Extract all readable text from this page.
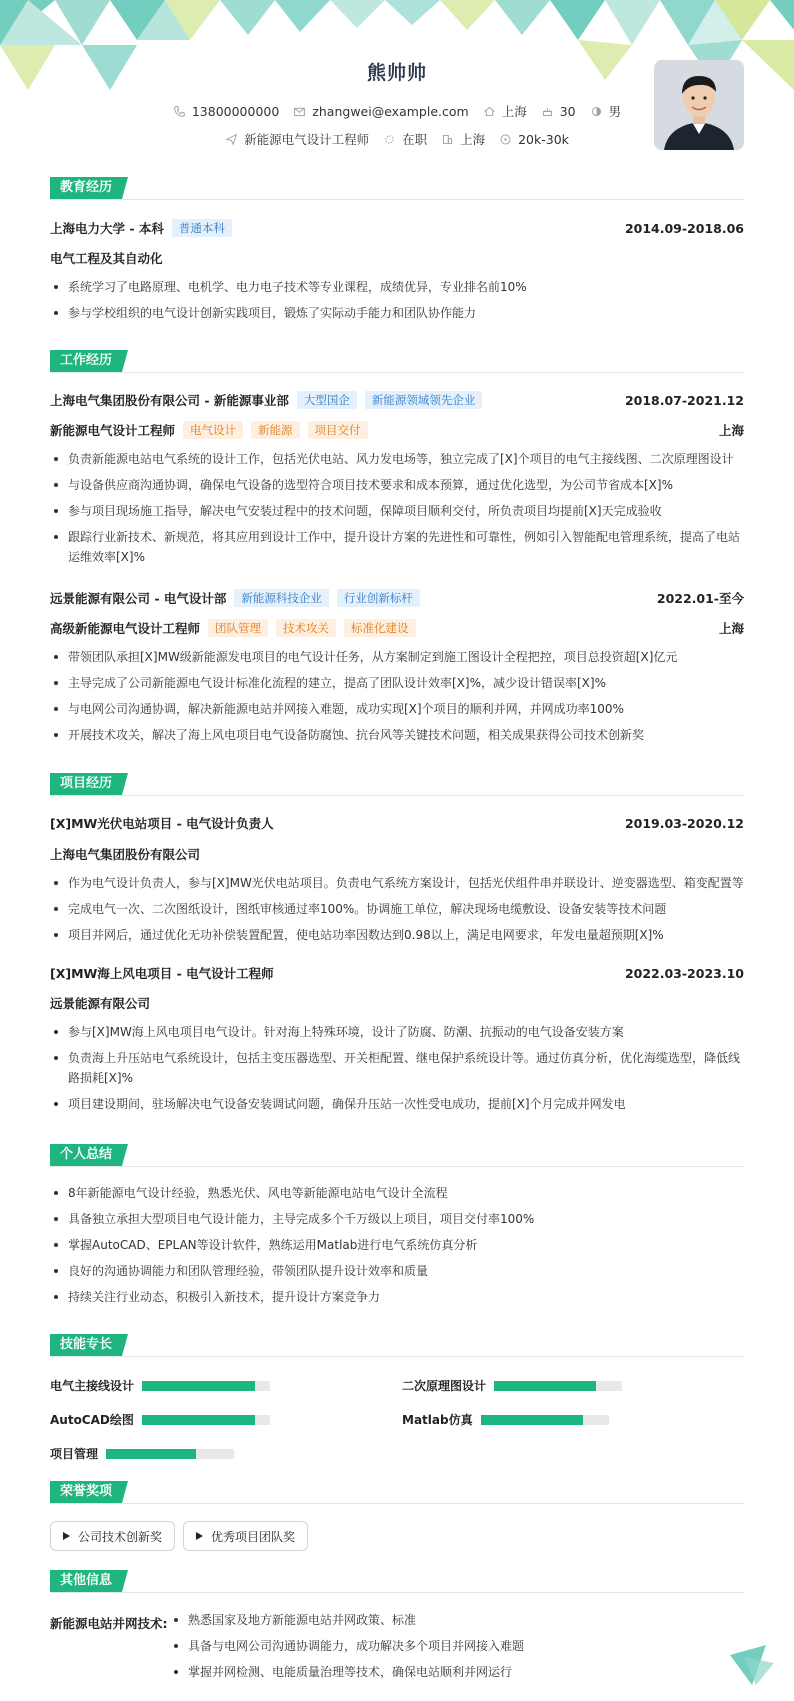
熊帅帅
13800000000	zhangwei@example.com	上海	30	男
新能源电气设计工程师	在职	上海	20k-30k
教育经历
上海电力大学 - 本科	普通本科	2014.09-2018.06
电气工程及其自动化
系统学习了电路原理、电机学、电力电子技术等专业课程，成绩优异，专业排名前10%
参与学校组织的电气设计创新实践项目，锻炼了实际动手能力和团队协作能力
工作经历
上海电气集团股份有限公司 - 新能源事业部	大型国企	新能源领域领先企业	2018.07-2021.12
新能源电气设计工程师	电气设计	新能源	项目交付	上海
负责新能源电站电气系统的设计工作，包括光伏电站、风力发电场等，独立完成了[X]个项目的电气主接线图、二次原理图设计
与设备供应商沟通协调，确保电气设备的选型符合项目技术要求和成本预算，通过优化选型，为公司节省成本[X]%
参与项目现场施工指导，解决电气安装过程中的技术问题，保障项目顺利交付，所负责项目均提前[X]天完成验收
跟踪行业新技术、新规范，将其应用到设计工作中，提升设计方案的先进性和可靠性，例如引入智能配电管理系统，提高了电站运维效率[X]%
远景能源有限公司 - 电气设计部	新能源科技企业	行业创新标杆	2022.01-至今
高级新能源电气设计工程师	团队管理	技术攻关	标准化建设	上海
带领团队承担[X]MW级新能源发电项目的电气设计任务，从方案制定到施工图设计全程把控，项目总投资超[X]亿元
主导完成了公司新能源电气设计标准化流程的建立，提高了团队设计效率[X]%，减少设计错误率[X]%
与电网公司沟通协调，解决新能源电站并网接入难题，成功实现[X]个项目的顺利并网，并网成功率100%
开展技术攻关，解决了海上风电项目电气设备防腐蚀、抗台风等关键技术问题，相关成果获得公司技术创新奖
项目经历
[X]MW光伏电站项目 - 电气设计负责人	2019.03-2020.12
上海电气集团股份有限公司
作为电气设计负责人，参与[X]MW光伏电站项目。负责电气系统方案设计，包括光伏组件串并联设计、逆变器选型、箱变配置等
完成电气一次、二次图纸设计，图纸审核通过率100%。协调施工单位，解决现场电缆敷设、设备安装等技术问题
项目并网后，通过优化无功补偿装置配置，使电站功率因数达到0.98以上，满足电网要求，年发电量超预期[X]%
[X]MW海上风电项目 - 电气设计工程师	2022.03-2023.10
远景能源有限公司
参与[X]MW海上风电项目电气设计。针对海上特殊环境，设计了防腐、防潮、抗振动的电气设备安装方案
负责海上升压站电气系统设计，包括主变压器选型、开关柜配置、继电保护系统设计等。通过仿真分析，优化海缆选型，降低线路损耗[X]%
项目建设期间，驻场解决电气设备安装调试问题，确保升压站一次性受电成功，提前[X]个月完成并网发电
个人总结
8年新能源电气设计经验，熟悉光伏、风电等新能源电站电气设计全流程
具备独立承担大型项目电气设计能力，主导完成多个千万级以上项目，项目交付率100%
掌握AutoCAD、EPLAN等设计软件，熟练运用Matlab进行电气系统仿真分析
良好的沟通协调能力和团队管理经验，带领团队提升设计效率和质量
持续关注行业动态，积极引入新技术，提升设计方案竞争力
技能专长
电气主接线设计	二次原理图设计
AutoCAD绘图	Matlab仿真
项目管理
荣誉奖项
公司技术创新奖	优秀项目团队奖
其他信息
新能源电站并网技术:	熟悉国家及地方新能源电站并网政策、标准
具备与电网公司沟通协调能力，成功解决多个项目并网接入难题
掌握并网检测、电能质量治理等技术，确保电站顺利并网运行
